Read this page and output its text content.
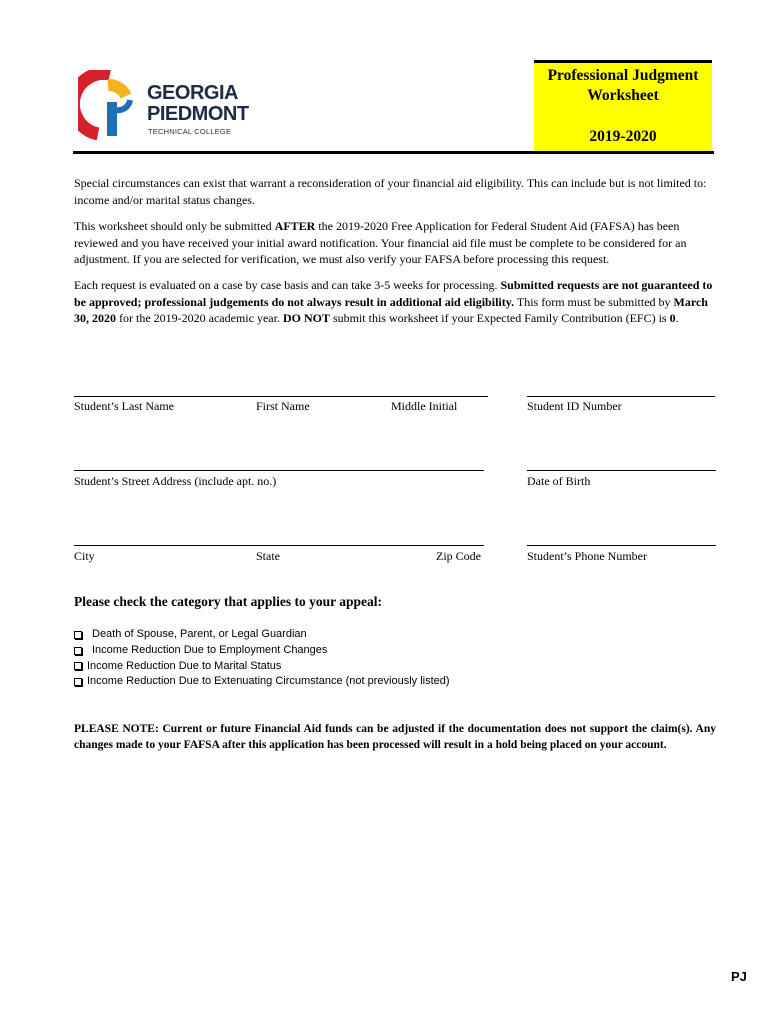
GEORGIA
PIEDMONT
TECHNICAL COLLEGE
Professional Judgment
Worksheet
2019-2020
Special circumstances can exist that warrant a reconsideration of your financial aid eligibility. This can include but is not limited to: income and/or marital status changes.
This worksheet should only be submitted AFTER the 2019-2020 Free Application for Federal Student Aid (FAFSA) has been reviewed and you have received your initial award notification. Your financial aid file must be complete to be considered for an adjustment. If you are selected for verification, we must also verify your FAFSA before processing this request.
Each request is evaluated on a case by case basis and can take 3-5 weeks for processing. Submitted requests are not guaranteed to be approved; professional judgements do not always result in additional aid eligibility. This form must be submitted by March 30, 2020 for the 2019-2020 academic year. DO NOT submit this worksheet if your Expected Family Contribution (EFC) is 0.
Student’s Last Name	First Name	Middle Initial	Student ID Number
Student’s Street Address (include apt. no.)	Date of Birth
City	State	Zip Code	Student’s Phone Number
Please check the category that applies to your appeal:
Death of Spouse, Parent, or Legal Guardian
Income Reduction Due to Employment Changes
Income Reduction Due to Marital Status
Income Reduction Due to Extenuating Circumstance (not previously listed)
PLEASE NOTE: Current or future Financial Aid funds can be adjusted if the documentation does not support the claim(s). Any changes made to your FAFSA after this application has been processed will result in a hold being placed on your account.
PJ
